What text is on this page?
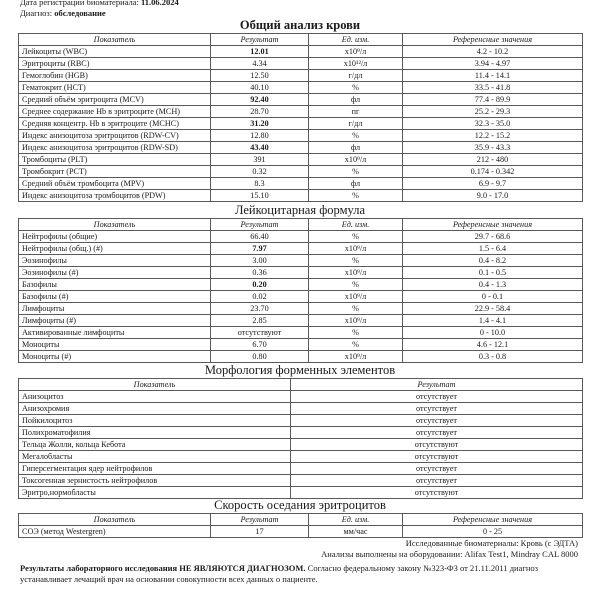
Дата регистрации биоматериала: 11.06.2024
Диагноз: обследование
Общий анализ крови
Показатель	Результат	Ед. изм.	Референсные значения
Лейкоциты (WBC)	12.01	x10⁹/л	4.2 - 10.2
Эритроциты (RBC)	4.34	x10¹²/л	3.94 - 4.97
Гемоглобин (HGB)	12.50	г/дл	11.4 - 14.1
Гематокрит (HCT)	40.10	%	33.5 - 41.8
Средний объём эритроцита (MCV)	92.40	фл	77.4 - 89.9
Среднее содержание Hb в эритроците (MCH)	28.70	пг	25.2 - 29.3
Средняя концентр. Hb в эритроците (MCHC)	31.20	г/дл	32.3 - 35.0
Индекс анизоцитоза эритроцитов (RDW-CV)	12.80	%	12.2 - 15.2
Индекс анизоцитоза эритроцитов (RDW-SD)	43.40	фл	35.9 - 43.3
Тромбоциты (PLT)	391	x10⁹/л	212 - 480
Тромбокрит (PCT)	0.32	%	0.174 - 0.342
Средний объём тромбоцита (MPV)	8.3	фл	6.9 - 9.7
Индекс анизоцитоза тромбоцитов (PDW)	15.10	%	9.0 - 17.0
Лейкоцитарная формула
Показатель	Результат	Ед. изм.	Референсные значения
Нейтрофилы (общие)	66.40	%	29.7 - 68.6
Нейтрофилы (общ.) (#)	7.97	x10⁹/л	1.5 - 6.4
Эозинофилы	3.00	%	0.4 - 8.2
Эозинофилы (#)	0.36	x10⁹/л	0.1 - 0.5
Базофилы	0.20	%	0.4 - 1.3
Базофилы (#)	0.02	x10⁹/л	0 - 0.1
Лимфоциты	23.70	%	22.9 - 58.4
Лимфоциты (#)	2.85	x10⁹/л	1.4 - 4.1
Активированные лимфоциты	отсутствуют	%	0 - 10.0
Моноциты	6.70	%	4.6 - 12.1
Моноциты (#)	0.80	x10⁹/л	0.3 - 0.8
Морфология форменных элементов
Показатель	Результат
Анизоцитоз	отсутствует
Анизохромия	отсутствует
Пойкилоцитоз	отсутствует
Полихроматофилия	отсутствует
Тельца Жолли, кольца Кебота	отсутствуют
Мегалобласты	отсутствуют
Гиперсегментация ядер нейтрофилов	отсутствует
Токсогенная зернистость нейтрофилов	отсутствует
Эритро,нормобласты	отсутствуют
Скорость оседания эритроцитов
Показатель	Результат	Ед. изм.	Референсные значения
СОЭ (метод Westergren)	17	мм/час	0 - 25
Исследованные биоматериалы: Кровь (с ЭДТА)
Анализы выполнены на оборудовании: Alifax Test1, Mindray CAL 8000
Результаты лабораторного исследования НЕ ЯВЛЯЮТСЯ ДИАГНОЗОМ. Согласно федеральному закону №323-ФЗ от 21.11.2011 диагноз
устанавливает лечащий врач на основании совокупности всех данных о пациенте.
